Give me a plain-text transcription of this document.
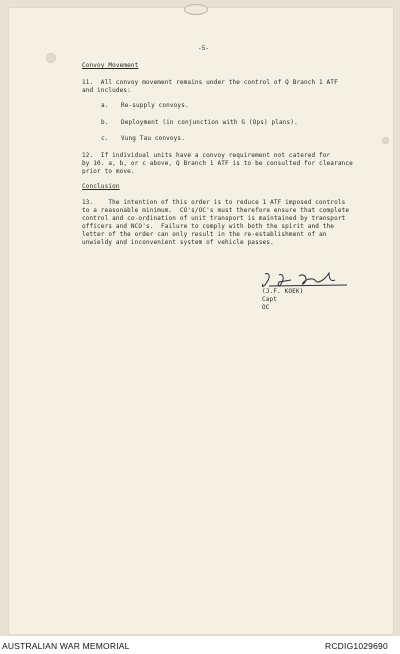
-5-
Convoy Movement
11.  All convoy movement remains under the control of Q Branch 1 ATF
and includes:
a. Re-supply convoys.
b. Deployment (in conjunction with G (Ops) plans).
c. Vung Tau convoys.
12.  If individual units have a convoy requirement not catered for
by 10. a, b, or c above, Q Branch 1 ATF is to be consulted for clearance
prior to move.
Conclusion
13.    The intention of this order is to reduce 1 ATF imposed controls
to a reasonable minimum.  CO's/OC's must therefore ensure that complete
control and co-ordination of unit transport is maintained by transport
officers and NCO's.  Failure to comply with both the spirit and the
letter of the order can only result in the re-establishment of an
unwieldy and inconvenient system of vehicle passes.
(J.F. KOEK)
Capt
OC
AUSTRALIAN WAR MEMORIAL	RCDIG1029690
